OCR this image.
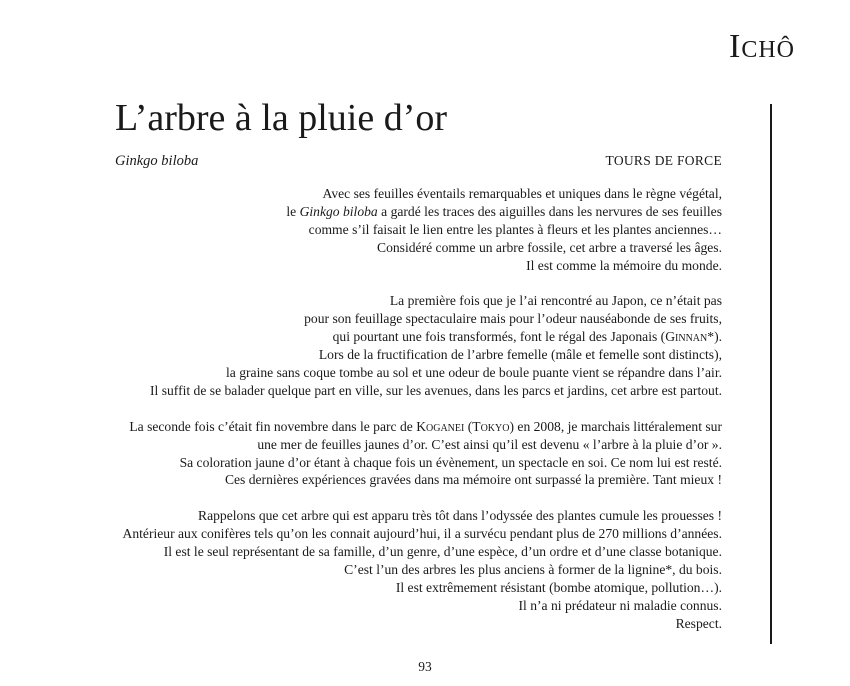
Ichô
L’arbre à la pluie d’or
Ginkgo biloba	TOURS DE FORCE
Avec ses feuilles éventails remarquables et uniques dans le règne végétal,
le Ginkgo biloba a gardé les traces des aiguilles dans les nervures de ses feuilles
comme s’il faisait le lien entre les plantes à fleurs et les plantes anciennes…
Considéré comme un arbre fossile, cet arbre a traversé les âges.
Il est comme la mémoire du monde.
La première fois que je l’ai rencontré au Japon, ce n’était pas
pour son feuillage spectaculaire mais pour l’odeur nauséabonde de ses fruits,
qui pourtant une fois transformés, font le régal des Japonais (Ginnan*).
Lors de la fructification de l’arbre femelle (mâle et femelle sont distincts),
la graine sans coque tombe au sol et une odeur de boule puante vient se répandre dans l’air.
Il suffit de se balader quelque part en ville, sur les avenues, dans les parcs et jardins, cet arbre est partout.
La seconde fois c’était fin novembre dans le parc de Koganei (Tokyo) en 2008, je marchais littéralement sur
une mer de feuilles jaunes d’or. C’est ainsi qu’il est devenu « l’arbre à la pluie d’or ».
Sa coloration jaune d’or étant à chaque fois un évènement, un spectacle en soi. Ce nom lui est resté.
Ces dernières expériences gravées dans ma mémoire ont surpassé la première. Tant mieux !
Rappelons que cet arbre qui est apparu très tôt dans l’odyssée des plantes cumule les prouesses !
Antérieur aux conifères tels qu’on les connait aujourd’hui, il a survécu pendant plus de 270 millions d’années.
Il est le seul représentant de sa famille, d’un genre, d’une espèce, d’un ordre et d’une classe botanique.
C’est l’un des arbres les plus anciens à former de la lignine*, du bois.
Il est extrêmement résistant (bombe atomique, pollution…).
Il n’a ni prédateur ni maladie connus.
Respect.
93
